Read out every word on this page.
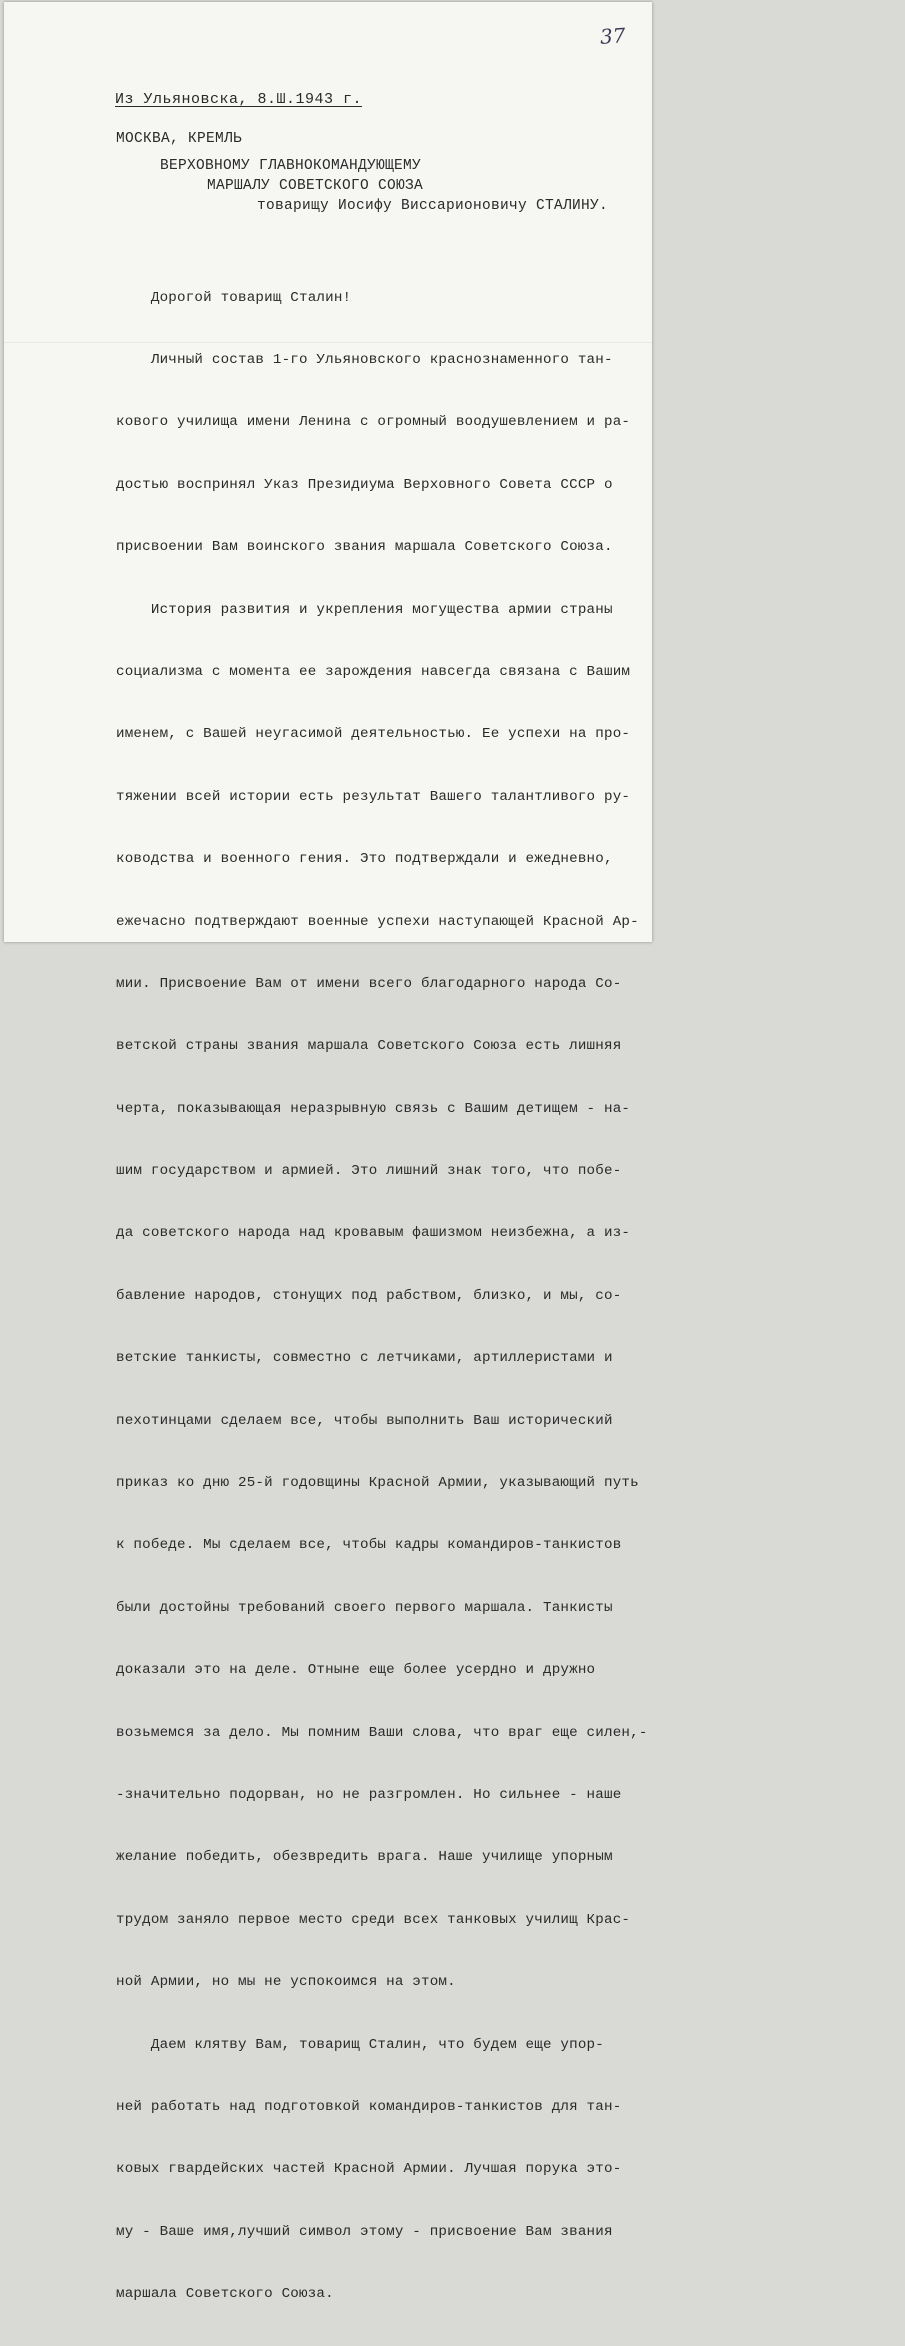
37
Из Ульяновска, 8.Ш.1943 г.
МОСКВА, КРЕМЛЬ
ВЕРХОВНОМУ ГЛАВНОКОМАНДУЮЩЕМУ
МАРШАЛУ СОВЕТСКОГО СОЮЗА
товарищу Иосифу Виссарионовичу СТАЛИНУ.

Дорогой товарищ Сталин!

Личный состав 1-го Ульяновского краснознаменного тан-

кового училища имени Ленина с огромный воодушевлением и ра-

достью воспринял Указ Президиума Верховного Совета СССР о

присвоении Вам воинского звания маршала Советского Союза.

История развития и укрепления могущества армии страны

социализма с момента ее зарождения навсегда связана с Вашим

именем, с Вашей неугасимой деятельностью. Ее успехи на про-

тяжении всей истории есть результат Вашего талантливого ру-

ководства и военного гения. Это подтверждали и ежедневно,

ежечасно подтверждают военные успехи наступающей Красной Ар-

мии. Присвоение Вам от имени всего благодарного народа Со-

ветской страны звания маршала Советского Союза есть лишняя

черта, показывающая неразрывную связь с Вашим детищем - на-

шим государством и армией. Это лишний знак того, что побе-

да советского народа над кровавым фашизмом неизбежна, а из-

бавление народов, стонущих под рабством, близко, и мы, со-

ветские танкисты, совместно с летчиками, артиллеристами и

пехотинцами сделаем все, чтобы выполнить Ваш исторический

приказ ко дню 25-й годовщины Красной Армии, указывающий путь

к победе. Мы сделаем все, чтобы кадры командиров-танкистов

были достойны требований своего первого маршала. Танкисты

доказали это на деле. Отныне еще более усердно и дружно

возьмемся за дело. Мы помним Ваши слова, что враг еще силен,-

-значительно подорван, но не разгромлен. Но сильнее - наше

желание победить, обезвредить врага. Наше училище упорным

трудом заняло первое место среди всех танковых училищ Крас-

ной Армии, но мы не успокоимся на этом.

Даем клятву Вам, товарищ Сталин, что будем еще упор-

ней работать над подготовкой командиров-танкистов для тан-

ковых гвардейских частей Красной Армии. Лучшая порука это-

му - Ваше имя,лучший символ этому - присвоение Вам звания

маршала Советского Союза.
